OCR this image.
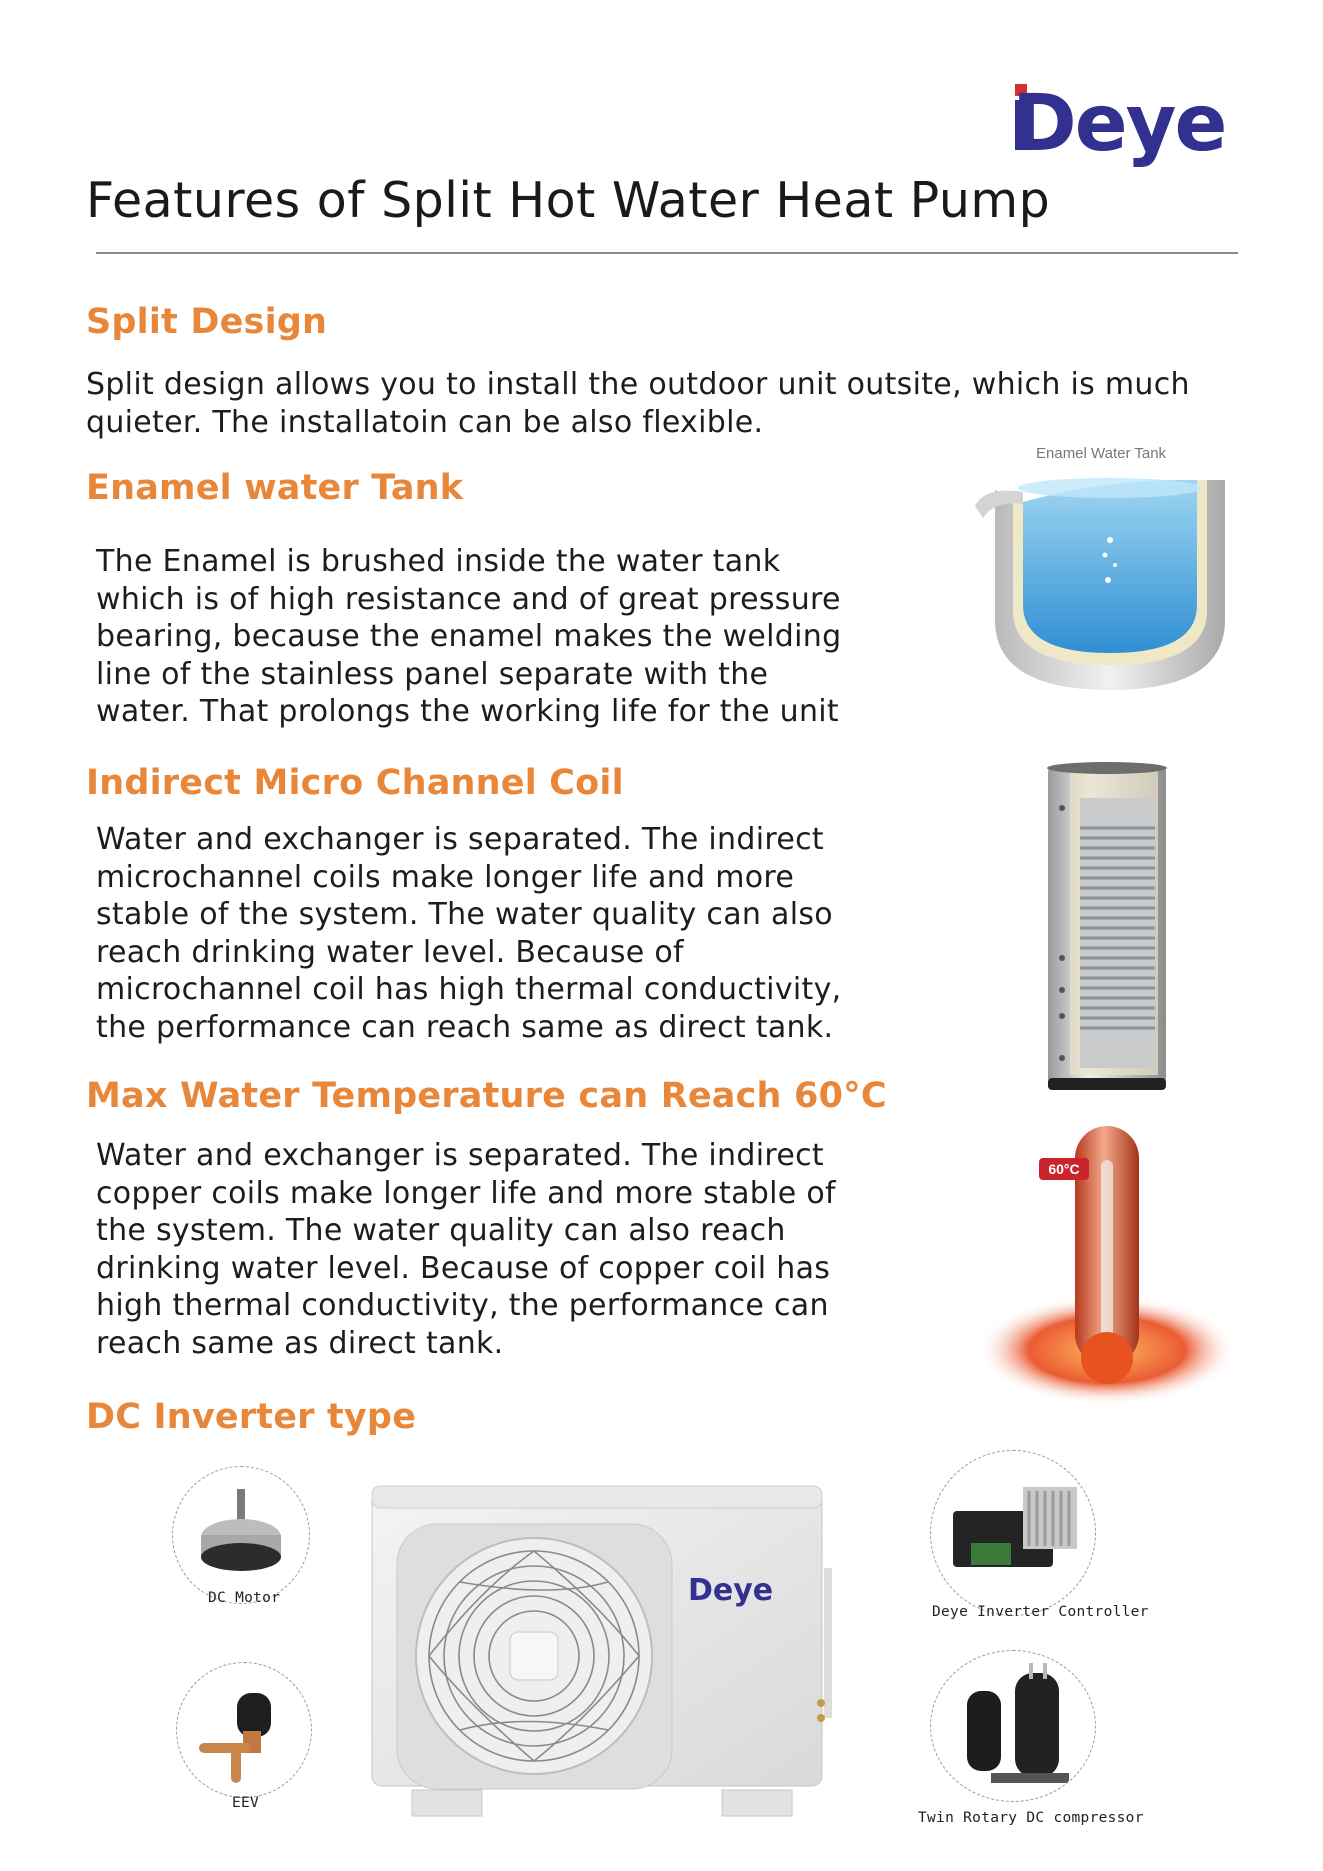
Deye
Features of Split Hot Water Heat Pump
Split Design
Split design allows you to install the outdoor unit outsite, which is much
quieter. The installatoin can be also flexible.
Enamel water Tank
The Enamel is brushed inside the water tank
which is of high resistance and of great pressure
bearing, because the enamel makes the welding
line of the stainless panel separate with the
water. That prolongs the working life for the unit
Enamel Water Tank
Indirect Micro Channel Coil
Water and exchanger is separated. The indirect
microchannel coils make longer life and more
stable of the system. The water quality can also
reach drinking water level. Because of
microchannel coil has high thermal conductivity,
the performance can reach same as direct tank.
Max Water Temperature can Reach 60°C
Water and exchanger is separated. The indirect
copper coils make longer life and more stable of
the system. The water quality can also reach
drinking water level. Because of copper coil has
high thermal conductivity, the performance can
reach same as direct tank.
60°C
DC Inverter type
DC Motor
EEV
Deye
Deye Inverter Controller
Twin Rotary DC compressor
